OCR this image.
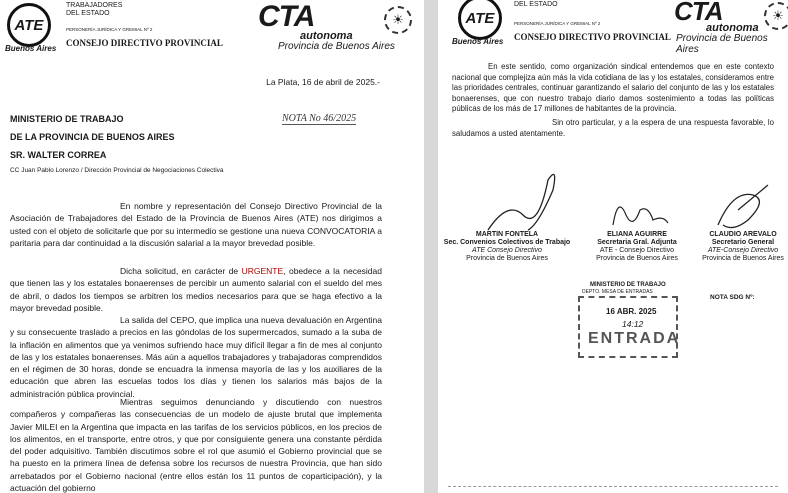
ATE
Buenos Aires
TRABAJADORES
DEL ESTADO
PERSONERÍA JURÍDICA Y GREMIAL Nº 2
CONSEJO DIRECTIVO PROVINCIAL
CTA
autonoma
Provincia de Buenos Aires
☀
La Plata, 16 de abril de 2025.-
NOTA No 46/2025
MINISTERIO DE TRABAJO
DE LA PROVINCIA DE BUENOS AIRES
SR. WALTER CORREA
CC Juan Pablo Lorenzo / Dirección Provincial de Negociaciones Colectiva
En nombre y representación del Consejo Directivo Provincial de la Asociación de Trabajadores del Estado de la Provincia de Buenos Aires (ATE) nos dirigimos a usted con el objeto de solicitarle que por su intermedio se gestione una nueva CONVOCATORIA a paritaria para dar continuidad a la discusión salarial a la mayor brevedad posible.
Dicha solicitud, en carácter de URGENTE, obedece a la necesidad que tienen las y los estatales bonaerenses de percibir un aumento salarial con el sueldo del mes de abril, o dados los tiempos se arbitren los medios necesarios para que se haga efectivo a la mayor brevedad posible.
La salida del CEPO, que implica una nueva devaluación en Argentina y su consecuente traslado a precios en las góndolas de los supermercados, sumado a la suba de la inflación en alimentos que ya venimos sufriendo hace muy difícil llegar a fin de mes al conjunto de las y los estatales bonaerenses. Más aún a aquellos trabajadores y trabajadoras comprendidos en el régimen de 30 horas, donde se encuadra la inmensa mayoría de las y los auxiliares de la educación que abren las escuelas todos los días y tienen los salarios más bajos de la administración pública provincial.
Mientras seguimos denunciando y discutiendo con nuestros compañeros y compañeras las consecuencias de un modelo de ajuste brutal que implementa Javier MILEI en la Argentina que impacta en las tarifas de los servicios públicos, en los precios de los alimentos, en el transporte, entre otros, y que por consiguiente genera una constante pérdida del poder adquisitivo. También discutimos sobre el rol que asumió el Gobierno provincial que se ha puesto en la primera línea de defensa sobre los recursos de nuestra Provincia, que han sido arrebatados por el Gobierno nacional (entre ellos están los 11 puntos de coparticipación), y la actuación del gobierno
ATE
Buenos Aires
DEL ESTADO
PERSONERÍA JURÍDICA Y GREMIAL Nº 2
CONSEJO DIRECTIVO PROVINCIAL
CTA
autonoma
Provincia de Buenos Aires
☀
En este sentido, como organización sindical entendemos que en este contexto nacional que complejiza aún más la vida cotidiana de las y los estatales, consideramos entre las prioridades centrales, continuar garantizando el salario del conjunto de las y los estatales bonaerenses, que con nuestro trabajo diario damos sostenimiento a todas las políticas públicas de los más de 17 millones de habitantes de la provincia.
Sin otro particular, y a la espera de una respuesta favorable, lo saludamos a usted atentamente.
MARTIN FONTELA
Sec. Convenios Colectivos de Trabajo
ATE Consejo Directivo
Provincia de Buenos Aires
ELIANA AGUIRRE
Secretaria Gral. Adjunta
ATE - Consejo Directivo
Provincia de Buenos Aires
CLAUDIO AREVALO
Secretario General
ATE-Consejo Directivo
Provincia de Buenos Aires
MINISTERIO DE TRABAJO
DEPTO. MESA DE ENTRADAS
16 ABR. 2025
14:12
ENTRADA
NOTA SDG Nº:
